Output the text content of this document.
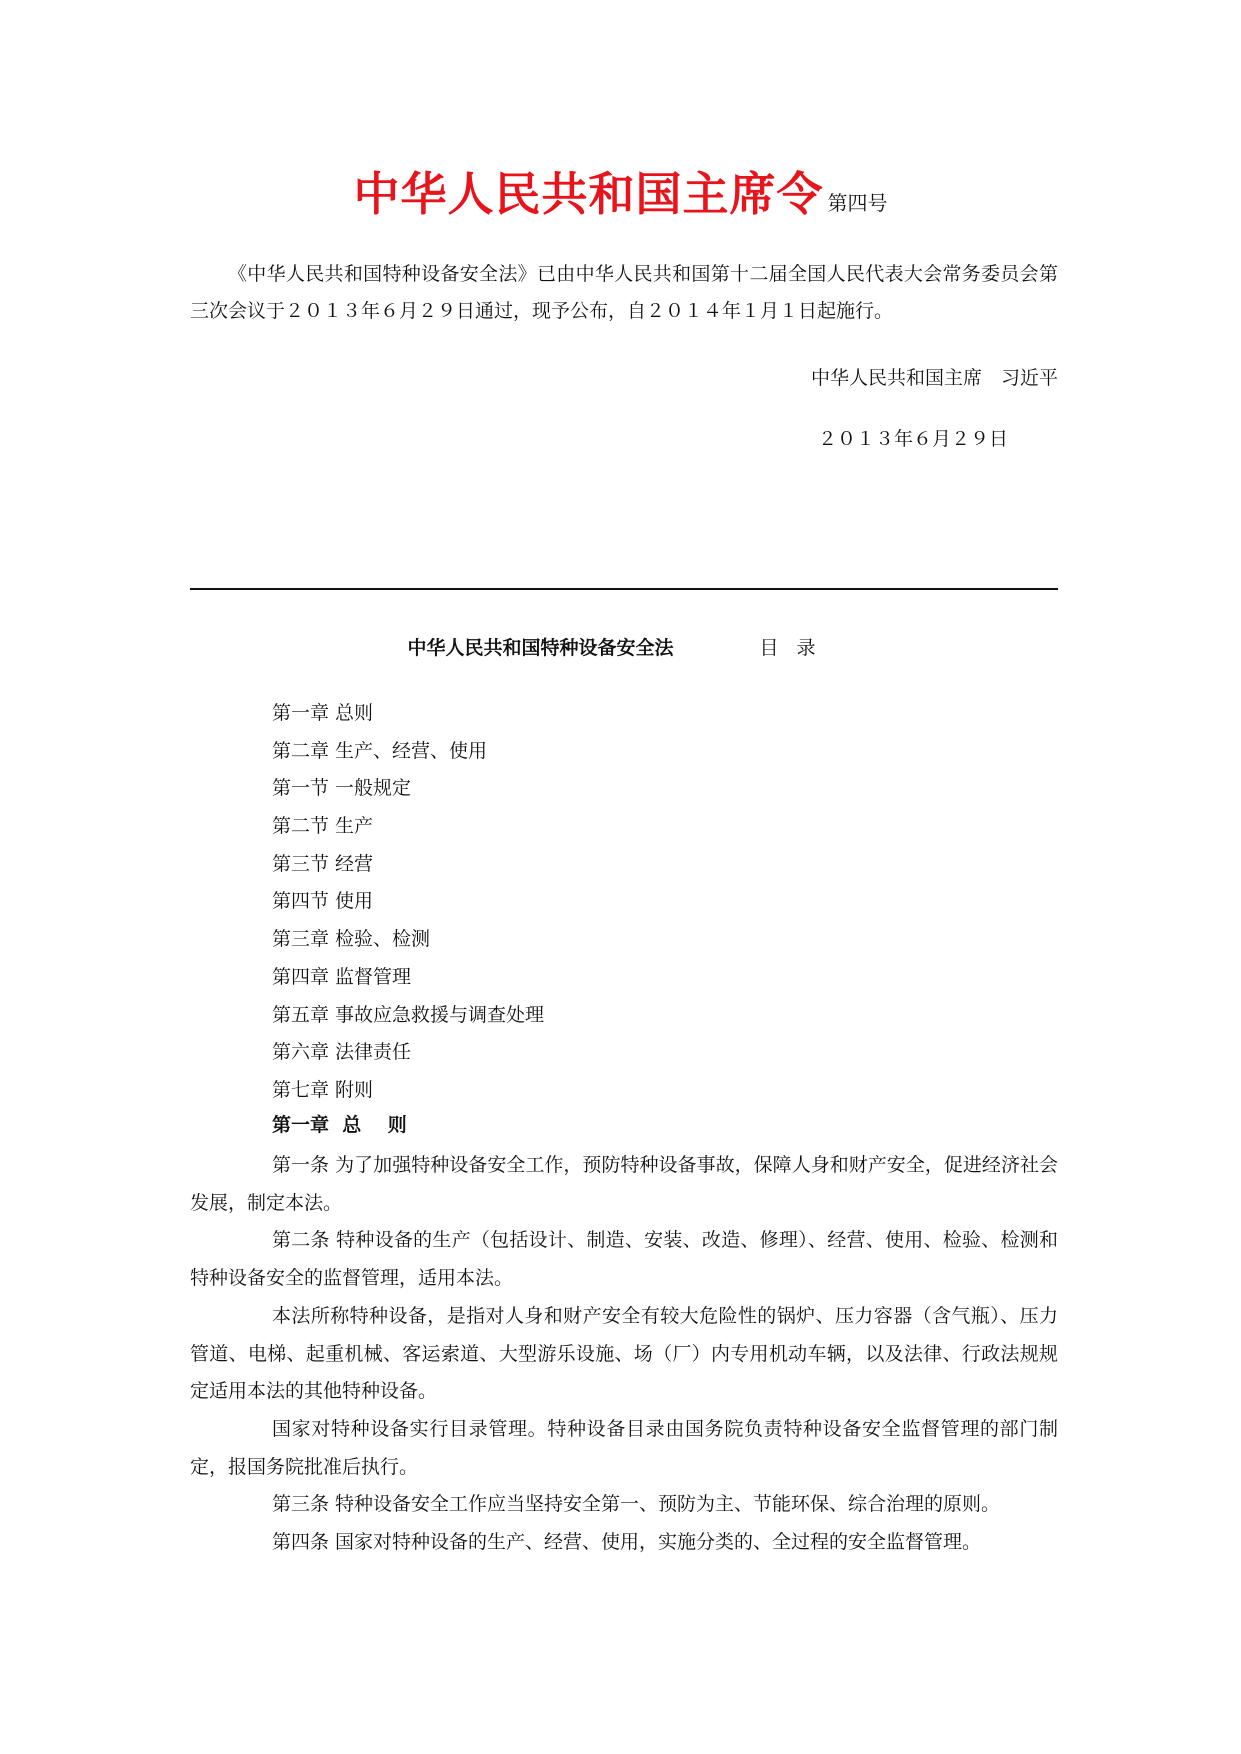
中华人民共和国主席令 第四号
《中华人民共和国特种设备安全法》已由中华人民共和国第十二届全国人民代表大会常务委员会第三次会议于２０１３年６月２９日通过，现予公布，自２０１４年１月１日起施行。
中华人民共和国主席　习近平
２０１３年６月２９日
中华人民共和国特种设备安全法	目录
第一章 总则
第二章 生产、经营、使用
第一节 一般规定
第二节 生产
第三节 经营
第四节 使用
第三章 检验、检测
第四章 监督管理
第五章 事故应急救援与调查处理
第六章 法律责任
第七章 附则
第一章  总    则

第一条 为了加强特种设备安全工作，预防特种设备事故，保障人身和财产安全，促进经济社会发展，制定本法。

第二条 特种设备的生产（包括设计、制造、安装、改造、修理）、经营、使用、检验、检测和特种设备安全的监督管理，适用本法。

本法所称特种设备，是指对人身和财产安全有较大危险性的锅炉、压力容器（含气瓶）、压力管道、电梯、起重机械、客运索道、大型游乐设施、场（厂）内专用机动车辆，以及法律、行政法规规定适用本法的其他特种设备。

国家对特种设备实行目录管理。特种设备目录由国务院负责特种设备安全监督管理的部门制定，报国务院批准后执行。

第三条 特种设备安全工作应当坚持安全第一、预防为主、节能环保、综合治理的原则。

第四条 国家对特种设备的生产、经营、使用，实施分类的、全过程的安全监督管理。
